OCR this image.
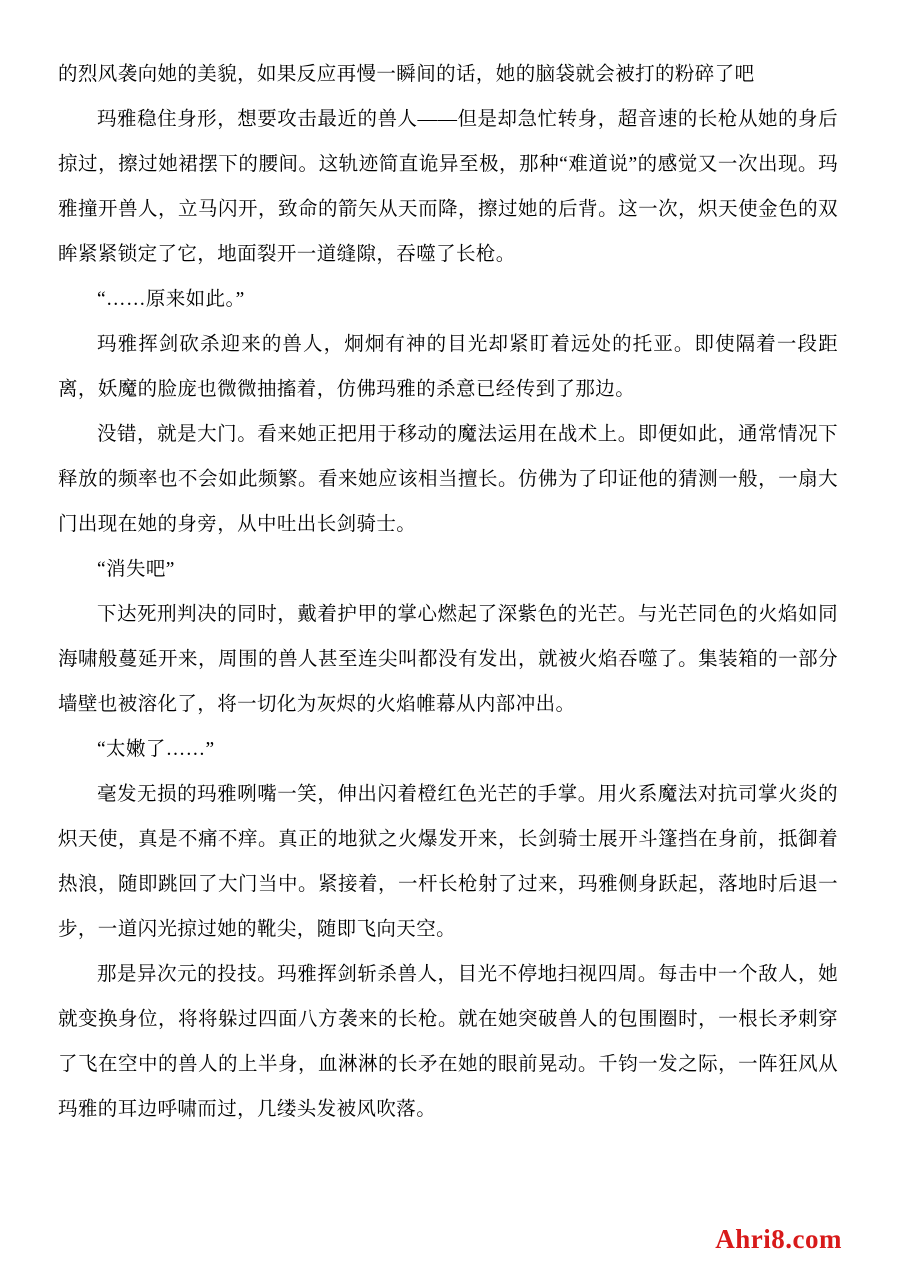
的烈风袭向她的美貌，如果反应再慢一瞬间的话，她的脑袋就会被打的粉碎了吧

玛雅稳住身形，想要攻击最近的兽人——但是却急忙转身，超音速的长枪从她的身后掠过，擦过她裙摆下的腰间。这轨迹简直诡异至极，那种“难道说”的感觉又一次出现。玛雅撞开兽人，立马闪开，致命的箭矢从天而降，擦过她的后背。这一次，炽天使金色的双眸紧紧锁定了它，地面裂开一道缝隙，吞噬了长枪。

“……原来如此。”

玛雅挥剑砍杀迎来的兽人，炯炯有神的目光却紧盯着远处的托亚。即使隔着一段距离，妖魔的脸庞也微微抽搐着，仿佛玛雅的杀意已经传到了那边。

没错，就是大门。看来她正把用于移动的魔法运用在战术上。即便如此，通常情况下释放的频率也不会如此频繁。看来她应该相当擅长。仿佛为了印证他的猜测一般，一扇大门出现在她的身旁，从中吐出长剑骑士。

“消失吧”

下达死刑判决的同时，戴着护甲的掌心燃起了深紫色的光芒。与光芒同色的火焰如同海啸般蔓延开来，周围的兽人甚至连尖叫都没有发出，就被火焰吞噬了。集装箱的一部分墙壁也被溶化了，将一切化为灰烬的火焰帷幕从内部冲出。

“太嫩了……”

毫发无损的玛雅咧嘴一笑，伸出闪着橙红色光芒的手掌。用火系魔法对抗司掌火炎的炽天使，真是不痛不痒。真正的地狱之火爆发开来，长剑骑士展开斗篷挡在身前，抵御着热浪，随即跳回了大门当中。紧接着，一杆长枪射了过来，玛雅侧身跃起，落地时后退一步，一道闪光掠过她的靴尖，随即飞向天空。

那是异次元的投技。玛雅挥剑斩杀兽人，目光不停地扫视四周。每击中一个敌人，她就变换身位，将将躲过四面八方袭来的长枪。就在她突破兽人的包围圈时，一根长矛刺穿了飞在空中的兽人的上半身，血淋淋的长矛在她的眼前晃动。千钧一发之际，一阵狂风从玛雅的耳边呼啸而过，几缕头发被风吹落。

Ahri8.com
